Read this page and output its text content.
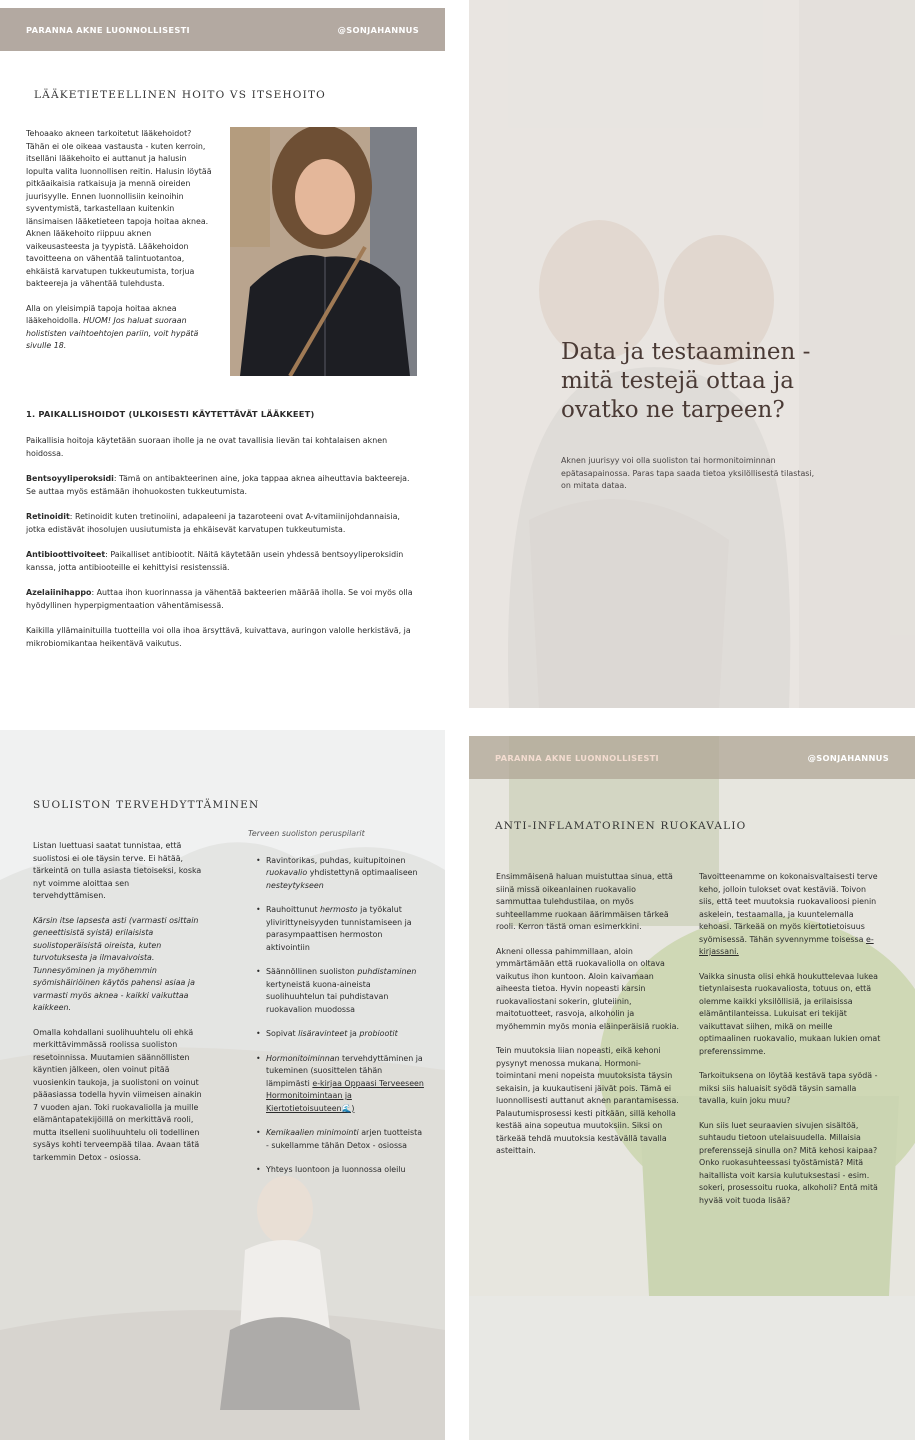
PARANNA AKNE LUONNOLLISESTI	@SONJAHANNUS
LÄÄKETIETEELLINEN HOITO VS ITSEHOITO

Tehoaako akneen tarkoitetut lääkehoidot? Tähän ei ole oikeaa vastausta - kuten kerroin, itselläni lääkehoito ei auttanut ja halusin lopulta valita luonnollisen reitin. Halusin löytää pitkäaikaisia ratkaisuja ja mennä oireiden juurisyylle. Ennen luonnollisiin keinoihin syventymistä, tarkastellaan kuitenkin länsimaisen lääketieteen tapoja hoitaa aknea. Aknen lääkehoito riippuu aknen vaikeusasteesta ja tyypistä. Lääkehoidon tavoitteena on vähentää talintuotantoa, ehkäistä karvatupen tukkeutumista, torjua bakteereja ja vähentää tulehdusta.

Alla on yleisimpiä tapoja hoitaa aknea lääkehoidolla. HUOM! Jos haluat suoraan holististen vaihtoehtojen pariin, voit hypätä sivulle 18.

1. PAIKALLISHOIDOT (ULKOISESTI KÄYTETTÄVÄT LÄÄKKEET)

Paikallisia hoitoja käytetään suoraan iholle ja ne ovat tavallisia lievän tai kohtalaisen aknen hoidossa.

Bentsoyyliperoksidi: Tämä on antibakteerinen aine, joka tappaa aknea aiheuttavia bakteereja. Se auttaa myös estämään ihohuokosten tukkeutumista.

Retinoidit: Retinoidit kuten tretinoiini, adapaleeni ja tazaroteeni ovat A-vitamiinijohdannaisia, jotka edistävät ihosolujen uusiutumista ja ehkäisevät karvatupen tukkeutumista.

Antibioottivoiteet: Paikalliset antibiootit. Näitä käytetään usein yhdessä bentsoyyliperoksidin kanssa, jotta antibiooteille ei kehittyisi resistenssiä.

Azelaiinihappo: Auttaa ihon kuorinnassa ja vähentää bakteerien määrää iholla. Se voi myös olla hyödyllinen hyperpigmentaation vähentämisessä.

Kaikilla yllämainituilla tuotteilla voi olla ihoa ärsyttävä, kuivattava, auringon valolle herkistävä, ja mikrobiomikantaa heikentävä vaikutus.

Data ja testaaminen - mitä testejä ottaa ja ovatko ne tarpeen?
Aknen juurisyy voi olla suoliston tai hormonitoiminnan epätasapainossa. Paras tapa saada tietoa yksilöllisestä tilastasi, on mitata dataa.
SUOLISTON TERVEHDYTTÄMINEN

Listan luettuasi saatat tunnistaa, että suolistosi ei ole täysin terve. Ei hätää, tärkeintä on tulla asiasta tietoiseksi, koska nyt voimme aloittaa sen tervehdyttämisen.

Kärsin itse lapsesta asti (varmasti osittain geneettisistä syistä) erilaisista suolistoperäisistä oireista, kuten turvotuksesta ja ilmavaivoista. Tunnesyöminen ja myöhemmin syömishäiriöinen käytös pahensi asiaa ja varmasti myös aknea - kaikki vaikuttaa kaikkeen.

Omalla kohdallani suolihuuhtelu oli ehkä merkittävimmässä roolissa suoliston resetoinnissa. Muutamien säännöllisten käyntien jälkeen, olen voinut pitää vuosienkin taukoja, ja suolistoni on voinut pääasiassa todella hyvin viimeisen ainakin 7 vuoden ajan. Toki ruokavaliolla ja muille elämäntapatekijöillä on merkittävä rooli, mutta itselleni suolihuuhtelu oli todellinen sysäys kohti terveempää tilaa. Avaan tätä tarkemmin Detox - osiossa.

Terveen suoliston peruspilarit
• Ravintorikas, puhdas, kuitupitoinen ruokavalio yhdistettynä optimaaliseen nesteytykseen
• Rauhoittunut hermosto ja työkalut ylivirittyneisyyden tunnistamiseen ja parasympaattisen hermoston aktivointiin
• Säännöllinen suoliston puhdistaminen kertyneistä kuona-aineista suolihuuhtelun tai puhdistavan ruokavalion muodossa
• Sopivat lisäravinteet ja probiootit
• Hormonitoiminnan tervehdyttäminen ja tukeminen (suosittelen tähän lämpimästi e-kirjaa Oppaasi Terveeseen Hormonitoimintaan ja Kiertotietoisuuteen🌊)
• Kemikaalien minimointi arjen tuotteista - sukellamme tähän Detox - osiossa
• Yhteys luontoon ja luonnossa oleilu
PARANNA AKNE LUONNOLLISESTI	@SONJAHANNUS
ANTI-INFLAMATORINEN RUOKAVALIO

Ensimmäisenä haluan muistuttaa sinua, että siinä missä oikeanlainen ruokavalio sammuttaa tulehdustilaa, on myös suhteellamme ruokaan äärimmäisen tärkeä rooli. Kerron tästä oman esimerkkini.

Akneni ollessa pahimmillaan, aloin ymmärtämään että ruokavaliolla on oltava vaikutus ihon kuntoon. Aloin kaivamaan aiheesta tietoa. Hyvin nopeasti karsin ruokavaliostani sokerin, gluteiinin, maitotuotteet, rasvoja, alkoholin ja myöhemmin myös monia eläinperäisiä ruokia.

Tein muutoksia liian nopeasti, eikä kehoni pysynyt menossa mukana. Hormoni-toimintani meni nopeista muutoksista täysin sekaisin, ja kuukautiseni jäivät pois. Tämä ei luonnollisesti auttanut aknen parantamisessa. Palautumisprosessi kesti pitkään, sillä keholla kestää aina sopeutua muutoksiin. Siksi on tärkeää tehdä muutoksia kestävällä tavalla asteittain.

Tavoitteenamme on kokonaisvaltaisesti terve keho, jolloin tulokset ovat kestäviä. Toivon siis, että teet muutoksia ruokavalioosi pienin askelein, testaamalla, ja kuuntelemalla kehoasi. Tärkeää on myös kiertotietoisuus syömisessä. Tähän syvennymme toisessa e-kirjassani.

Vaikka sinusta olisi ehkä houkuttelevaa lukea tietynlaisesta ruokavaliosta, totuus on, että olemme kaikki yksilöllisiä, ja erilaisissa elämäntilanteissa. Lukuisat eri tekijät vaikuttavat siihen, mikä on meille optimaalinen ruokavalio, mukaan lukien omat preferenssimme.

Tarkoituksena on löytää kestävä tapa syödä - miksi siis haluaisit syödä täysin samalla tavalla, kuin joku muu?

Kun siis luet seuraavien sivujen sisältöä, suhtaudu tietoon utelaisuudella. Millaisia preferenssejä sinulla on? Mitä kehosi kaipaa? Onko ruokasuhteessasi työstämistä? Mitä haitallista voit karsia kulutuksestasi - esim. sokeri, prosessoitu ruoka, alkoholi? Entä mitä hyvää voit tuoda lisää?
